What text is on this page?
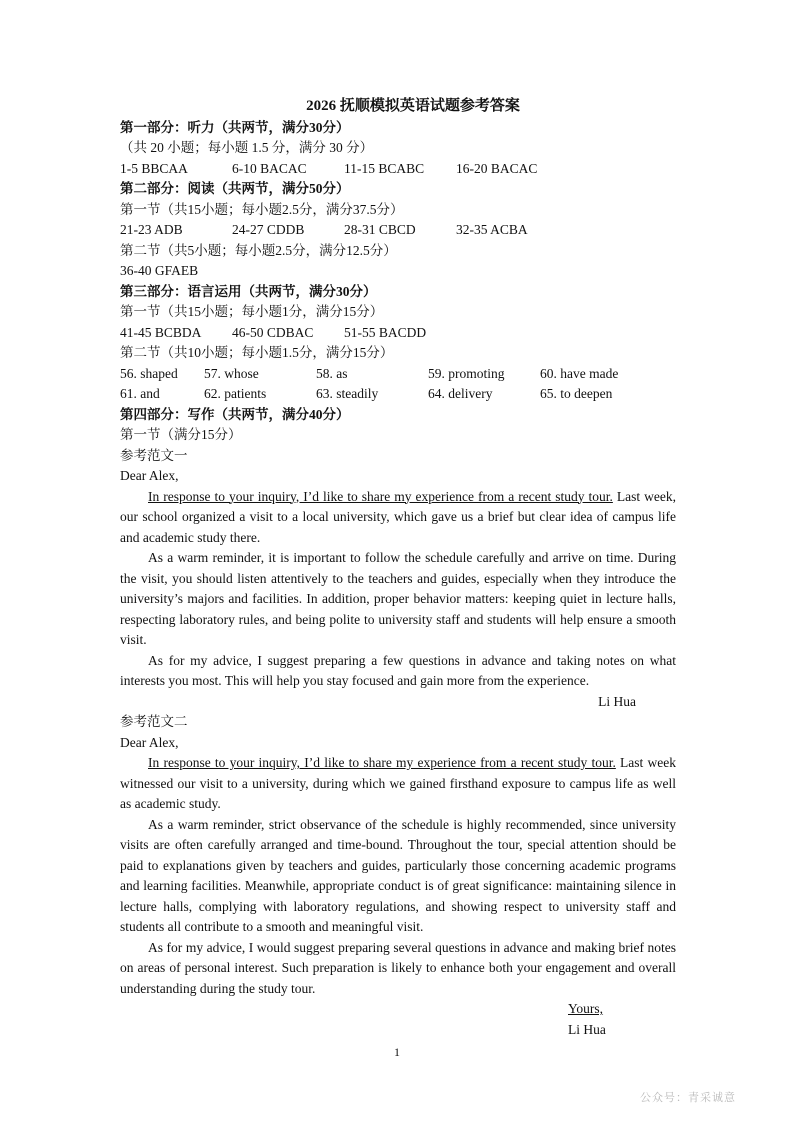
2026 抚顺模拟英语试题参考答案
第一部分：听力（共两节，满分30分）
（共 20 小题；每小题 1.5 分，满分 30 分）
1-5 BBCAA	6-10 BACAC	11-15 BCABC	16-20 BACAC
第二部分：阅读（共两节，满分50分）
第一节（共15小题；每小题2.5分，满分37.5分）
21-23 ADB	24-27 CDDB	28-31 CBCD	32-35 ACBA
第二节（共5小题；每小题2.5分，满分12.5分）
36-40 GFAEB
第三部分：语言运用（共两节，满分30分）
第一节（共15小题；每小题1分，满分15分）
41-45 BCBDA	46-50 CDBAC	51-55 BACDD
第二节（共10小题；每小题1.5分，满分15分）
56. shaped	57. whose	58. as	59. promoting	60. have made
61. and	62. patients	63. steadily	64. delivery	65. to deepen
第四部分：写作（共两节，满分40分）
第一节（满分15分）
参考范文一
Dear Alex,

In response to your inquiry, I’d like to share my experience from a recent study tour. Last week, our school organized a visit to a local university, which gave us a brief but clear idea of campus life and academic study there.

As a warm reminder, it is important to follow the schedule carefully and arrive on time. During the visit, you should listen attentively to the teachers and guides, especially when they introduce the university’s majors and facilities. In addition, proper behavior matters: keeping quiet in lecture halls, respecting laboratory rules, and being polite to university staff and students will help ensure a smooth visit.

As for my advice, I suggest preparing a few questions in advance and taking notes on what interests you most. This will help you stay focused and gain more from the experience.

Li Hua
参考范文二
Dear Alex,

In response to your inquiry, I’d like to share my experience from a recent study tour. Last week witnessed our visit to a university, during which we gained firsthand exposure to campus life as well as academic study.

As a warm reminder, strict observance of the schedule is highly recommended, since university visits are often carefully arranged and time-bound. Throughout the tour, special attention should be paid to explanations given by teachers and guides, particularly those concerning academic programs and learning facilities. Meanwhile, appropriate conduct is of great significance: maintaining silence in lecture halls, complying with laboratory regulations, and showing respect to university staff and students all contribute to a smooth and meaningful visit.

As for my advice, I would suggest preparing several questions in advance and making brief notes on areas of personal interest. Such preparation is likely to enhance both your engagement and overall understanding during the study tour.

Yours,
Li Hua
1
公众号：青采诚意
